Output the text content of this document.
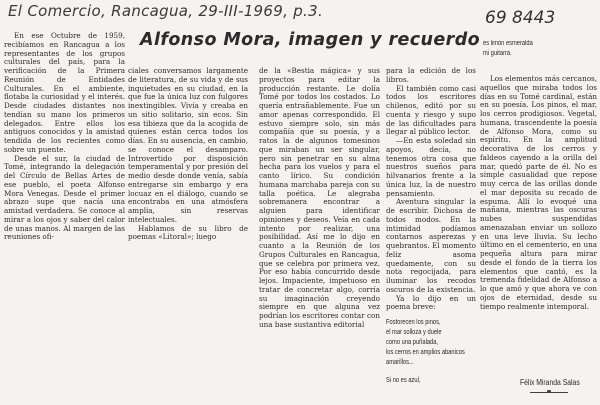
El Comercio, Rancagua, 29-III-1969, p.3.	69 8443
Alfonso Mora, imagen y recuerdo

En ese Octubre de 1959, recibíamos en Rancagua a los representantes de los grupos culturales del país, para la verificación de la Primera Reunión de Entidades Culturales. En el ambiente, flotaba la curiosidad y el interés. Desde ciudades distantes nos tendían su mano los primeros delegados. Entre ellos los antiguos conocidos y la amistad tendida de los recientes como sobre un puente.

Desde el sur, la ciudad de Tomé, integrando la delegación del Círculo de Bellas Artes de ese pueblo, el poeta Alfonso Mora Venegas. Desde el primer abrazo supe que nacía una amistad verdadera. Se conoce al mirar a los ojos y saber del calor de unas manos. Al margen de las reuniones ofi-

ciales conversamos largamente de literatura, de su vida y de sus inquietudes en su ciudad, en la que fue la única luz con fulgores inextingibles. Vivía y creaba en un sitio solitario, sin ecos. Sin esa tibieza que da la acogida de quienes están cerca todos los días. En su ausencia, en cambio, se conoce el desamparo. Introvertido por disposición temperamental y por presión del medio desde donde venía, sabía entregarse sin embargo y era locuaz en el diálogo, cuando se encontraba en una atmósfera amplia, sin reservas intelectuales.

Hablamos de su libro de poemas «Litoral»; luego

de la «Bestia mágica» y sus proyectos para editar la producción restante. Le dolía Tomé por todos los costados. Lo quería entrañablemente. Fue un amor apenas correspondido. El estuvo siempre solo, sin más compañía que su poesía, y a ratos la de algunos tomesinos que miraban un ser singular, pero sin penetrar en su alma hecha para los vuelos y para el canto lírico. Su condición humana marchaba pareja con su talla poética. Le alegraba sobremanera encontrar a alguien para identificar opiniones y deseos. Veía en cada intento por realizar, una posibilidad. Así me lo dijo en cuanto a la Reunión de los Grupos Culturales en Rancagua, que se celebra por primera vez. Por eso había concurrido desde lejos. Impaciente, impetuoso en tratar de concretar algo, corría su imaginación creyendo siempre en que alguna vez podrían los escritores contar con una base sustantiva editorial

para la edición de los libros.

El también como casi todos los escritores chilenos, editó por su cuenta y riesgo y supo de las dificultades para llegar al público lector.

—En esta soledad sin apoyos, decía, no tenemos otra cosa que nuestros sueños para hilvanarios frente a la única luz, la de nuestro pensamiento.

Aventura singular la de escribir. Dichosa de todos modos. En la intimidad podíamos contarnos asperezas y quebrantos. El momento feliz asoma quedamente, con su nota regocijada, para iluminar los recodos oscuros de la existencia.

Ya lo dijo en un poema breve:

Fosforecen los pinos,
el mar solloza y duele
como una puñalada,
los cerros en amplios abanicos
amarillos...
Si no es azul,
es limón esmeralda
mi guitarra.

Los elementos más cercanos, aquellos que miraba todos los días en su Tomé cardinal, están en su poesía. Los pinos, el mar, los cerros prodigiosos. Vegetal, humana, trascendente la poesía de Alfonso Mora, como su espíritu. En la amplitud decorativa de los cerros y faldeos cayendo a la orilla del mar, quedó parte de él. No es simple casualidad que repose muy cerca de las orillas donde el mar deposita su recado de espuma. Allí lo evoqué una mañana, mientras las oscuras nubes suspendidas amenazaban enviar un sollozo en una leve lluvia. Su lecho último en el cementerio, en una pequeña altura para mirar desde el fondo de la tierra los elementos que cantó, es la tremenda fidelidad de Alfonso a lo que amó y que ahora ve con ojos de eternidad, desde su tiempo realmente intemporal.

Félix Miranda Salas
